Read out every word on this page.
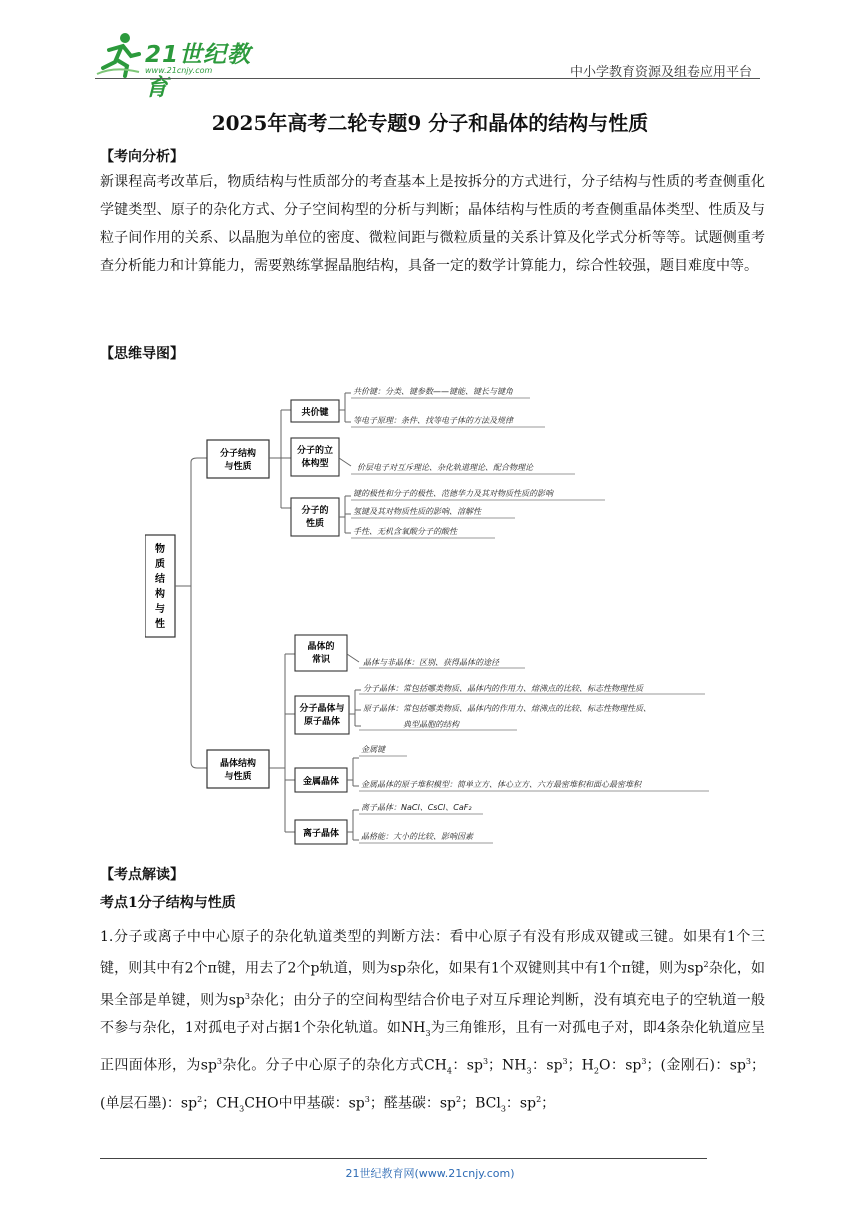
21世纪教育
www.21cnjy.com	中小学教育资源及组卷应用平台
2025年高考二轮专题9 分子和晶体的结构与性质
【考向分析】

新课程高考改革后，物质结构与性质部分的考查基本上是按拆分的方式进行，分子结构与性质的考查侧重化学键类型、原子的杂化方式、分子空间构型的分析与判断；晶体结构与性质的考查侧重晶体类型、性质及与粒子间作用的关系、以晶胞为单位的密度、微粒间距与微粒质量的关系计算及化学式分析等等。试题侧重考查分析能力和计算能力，需要熟练掌握晶胞结构，具备一定的数学计算能力，综合性较强，题目难度中等。

【思维导图】
物质结构与性
分子结构与性质
共价键
分子的立体构型
分子的性质
共价键：分类、键参数——键能、键长与键角
等电子原理：条件、找等电子体的方法及规律
价层电子对互斥理论、杂化轨道理论、配合物理论
键的极性和分子的极性、范德华力及其对物质性质的影响
氢键及其对物质性质的影响、溶解性
手性、无机含氧酸分子的酸性
晶体结构与性质
晶体的常识
分子晶体与原子晶体
金属晶体
离子晶体
晶体与非晶体：区别、获得晶体的途径
分子晶体：常包括哪类物质、晶体内的作用力、熔沸点的比较、标志性物理性质
原子晶体：常包括哪类物质、晶体内的作用力、熔沸点的比较、标志性物理性质、
典型晶胞的结构
金属键
金属晶体的原子堆积模型：简单立方、体心立方、六方最密堆积和面心最密堆积
离子晶体：NaCl、CsCl、CaF₂
晶格能：大小的比较、影响因素
【考点解读】
考点1分子结构与性质

1.分子或离子中中心原子的杂化轨道类型的判断方法：看中心原子有没有形成双键或三键。如果有1个三键，则其中有2个π键，用去了2个p轨道，则为sp杂化，如果有1个双键则其中有1个π键，则为$sp^2$杂化，如果全部是单键，则为$sp^3$杂化；由分子的空间构型结合价电子对互斥理论判断，没有填充电子的空轨道一般不参与杂化，1对孤电子对占据1个杂化轨道。如$NH_3$为三角锥形，且有一对孤电子对，即4条杂化轨道应呈正四面体形，为$sp^3$杂化。分子中心原子的杂化方式$CH_4$：$sp^3$；$NH_3$：$sp^3$；$H_2O$：$sp^3$；(金刚石)：$sp^3$；(单层石墨)：$sp^2$；$CH_3CHO$中甲基碳：$sp^3$；醛基碳：$sp^2$；BCl$_3$：$sp^2$；

21世纪教育网(www.21cnjy.com)
